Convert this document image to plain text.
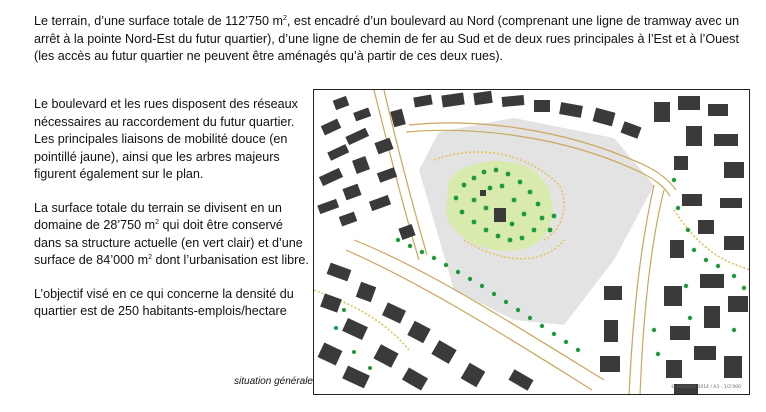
Le terrain, d’une surface totale de 112’750 $m^2$, est encadré d’un boulevard au Nord (comprenant une ligne de tramway avec un arrêt à la pointe Nord-Est du futur quartier), d’une ligne de chemin de fer au Sud et de deux rues principales à l’Est et à l’Ouest (les accès au futur quartier ne peuvent être aménagés qu’à partir de ces deux rues).

Le boulevard et les rues disposent des réseaux nécessaires au raccordement du futur quartier. Les principales liaisons de mobilité douce (en pointillé jaune), ainsi que les arbres majeurs figurent également sur le plan.

La surface totale du terrain se divisent en un domaine de 28’750 $m^2$ qui doit être conservé dans sa structure actuelle (en vert clair) et d’une surface de 84’000 $m^2$ dont l’urbanisation est libre.

L’objectif visé en ce qui concerne la densité du quartier est de 250 habitants-emplois/hectare

situation générale
© Urbanité 2014 / A3 - 1/2’000
